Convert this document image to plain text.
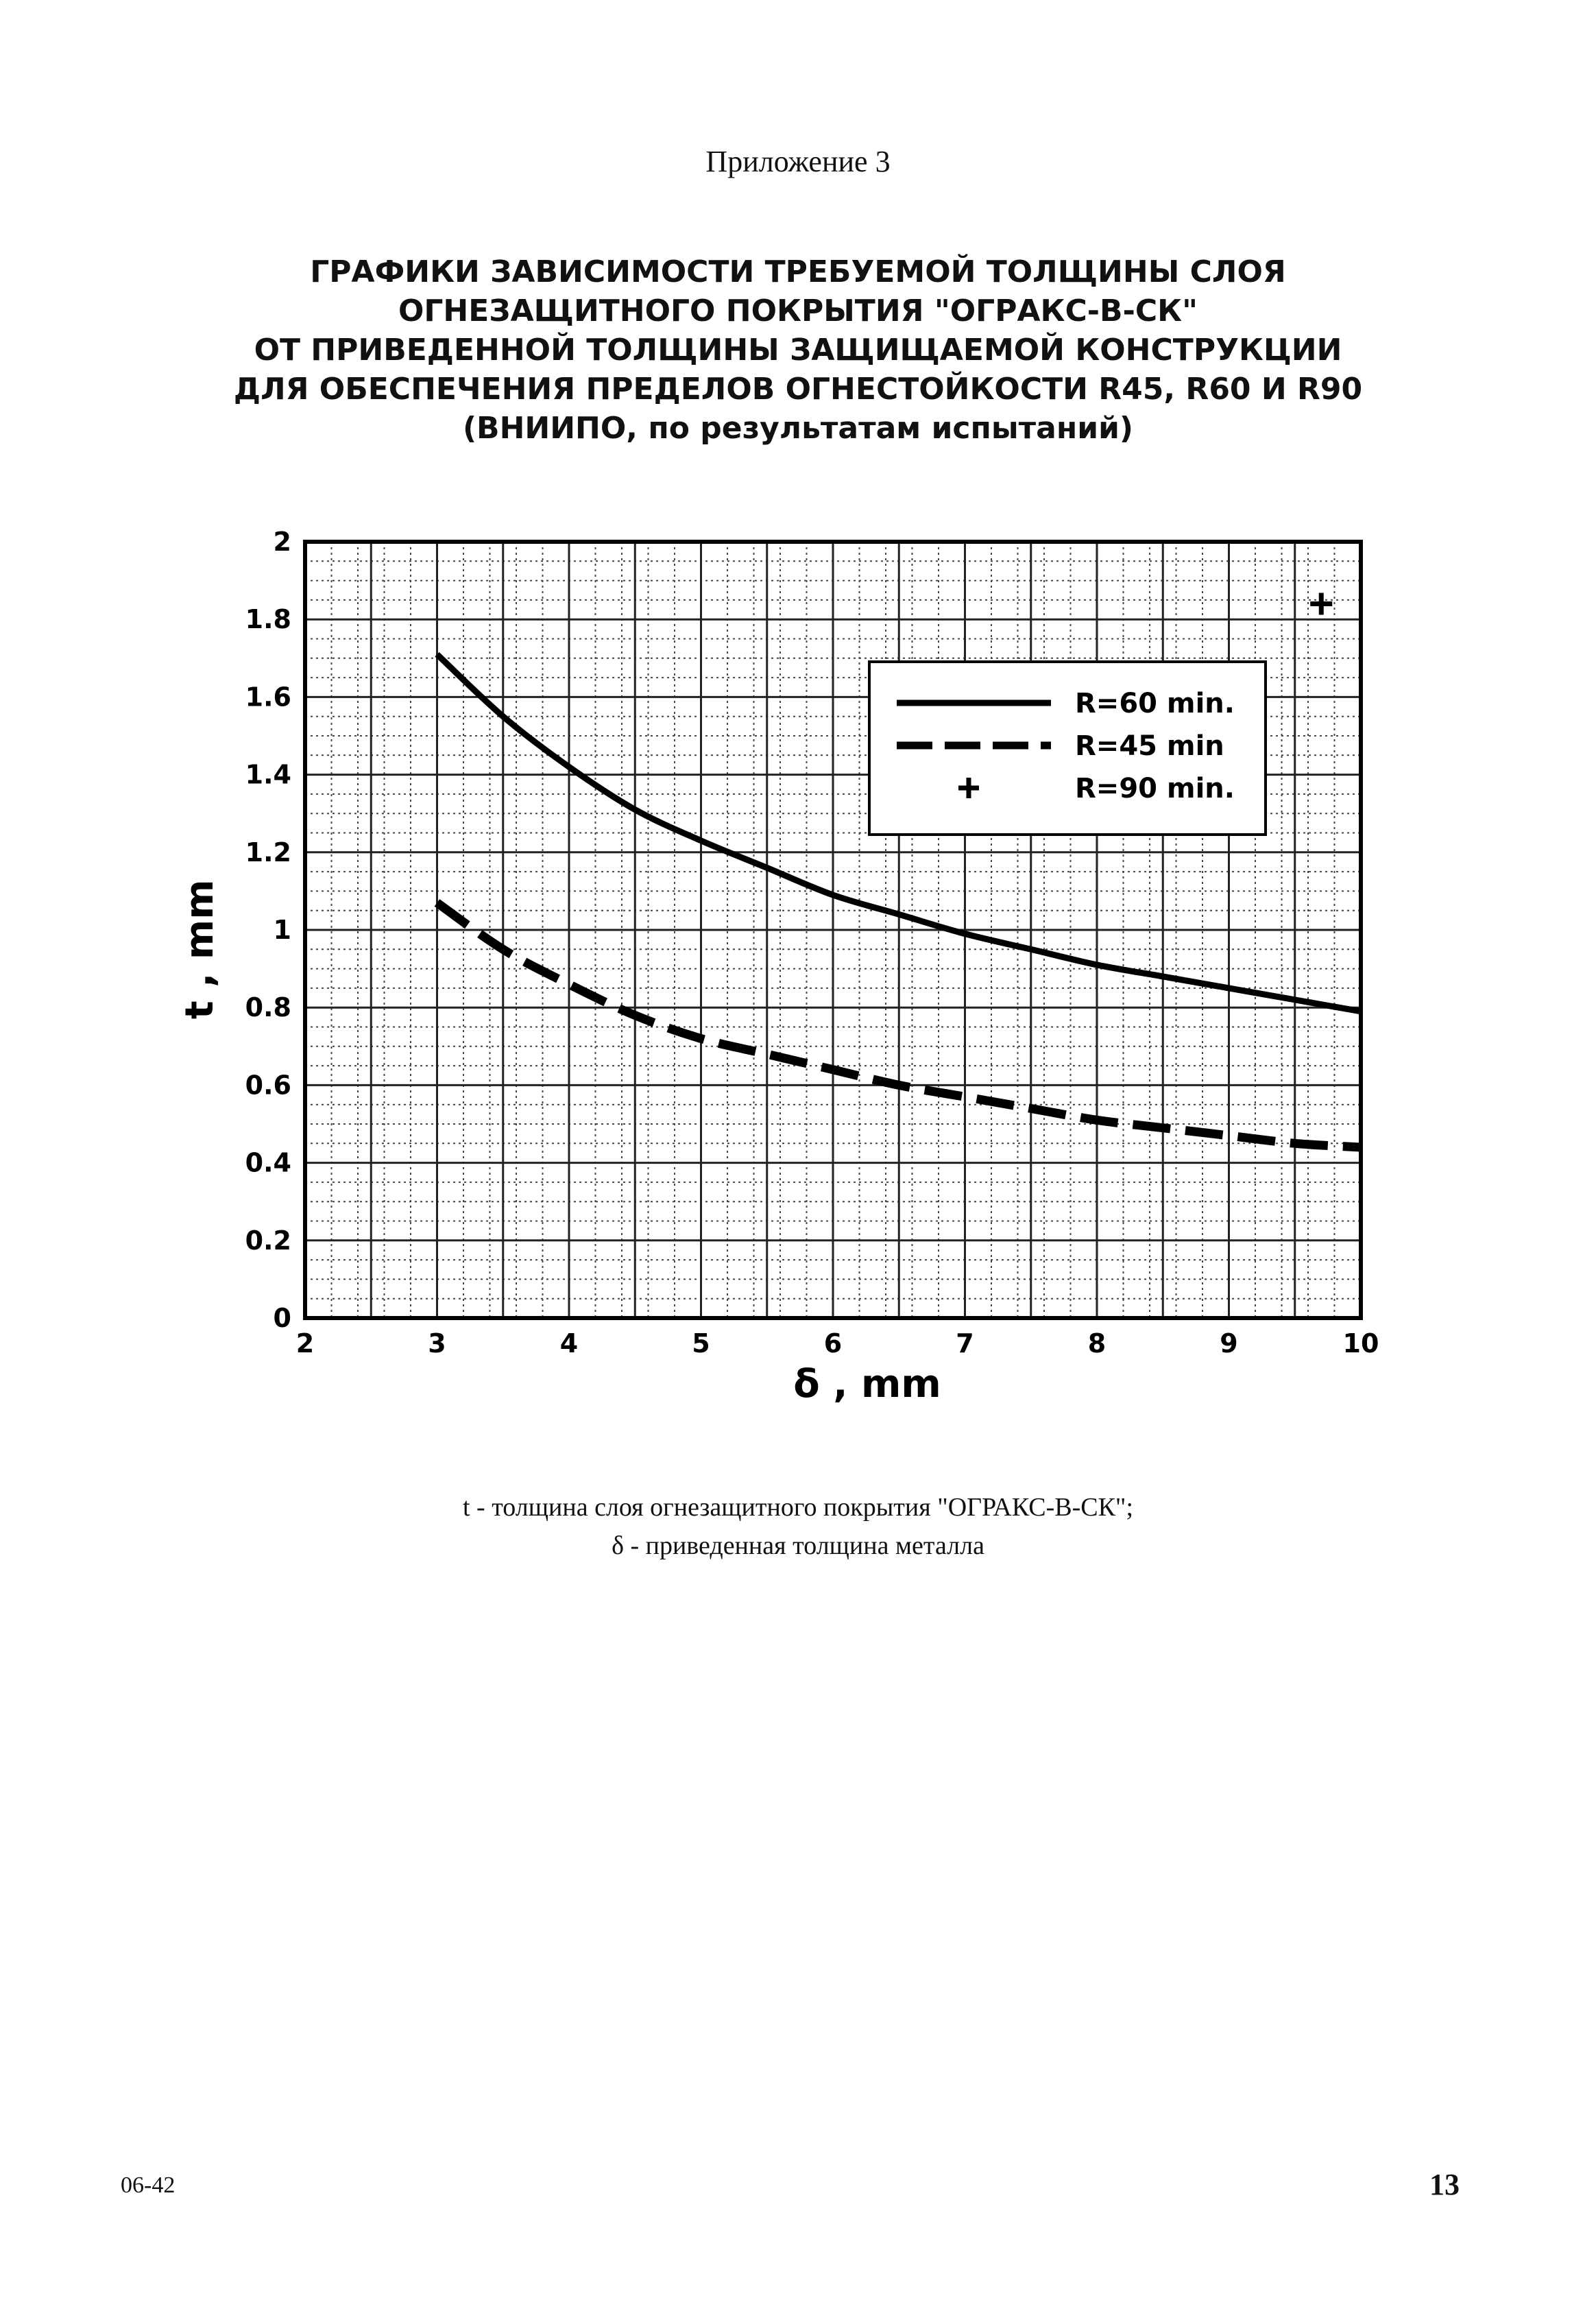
Приложение 3
ГРАФИКИ ЗАВИСИМОСТИ ТРЕБУЕМОЙ ТОЛЩИНЫ СЛОЯ
ОГНЕЗАЩИТНОГО ПОКРЫТИЯ "ОГРАКС-В-СК"
ОТ ПРИВЕДЕННОЙ ТОЛЩИНЫ ЗАЩИЩАЕМОЙ КОНСТРУКЦИИ
ДЛЯ ОБЕСПЕЧЕНИЯ ПРЕДЕЛОВ ОГНЕСТОЙКОСТИ R45, R60 И R90
(ВНИИПО, по результатам испытаний)
2	3	4	5	6	7	8	9	10
0
0.2
0.4
0.6
0.8
1
1.2
1.4
1.6
1.8
2
R=60 min.
R=45 min
R=90 min.
δ , mm
t , mm
t - толщина слоя огнезащитного покрытия "ОГРАКС-В-СК";
δ - приведенная толщина металла
06-42	13
